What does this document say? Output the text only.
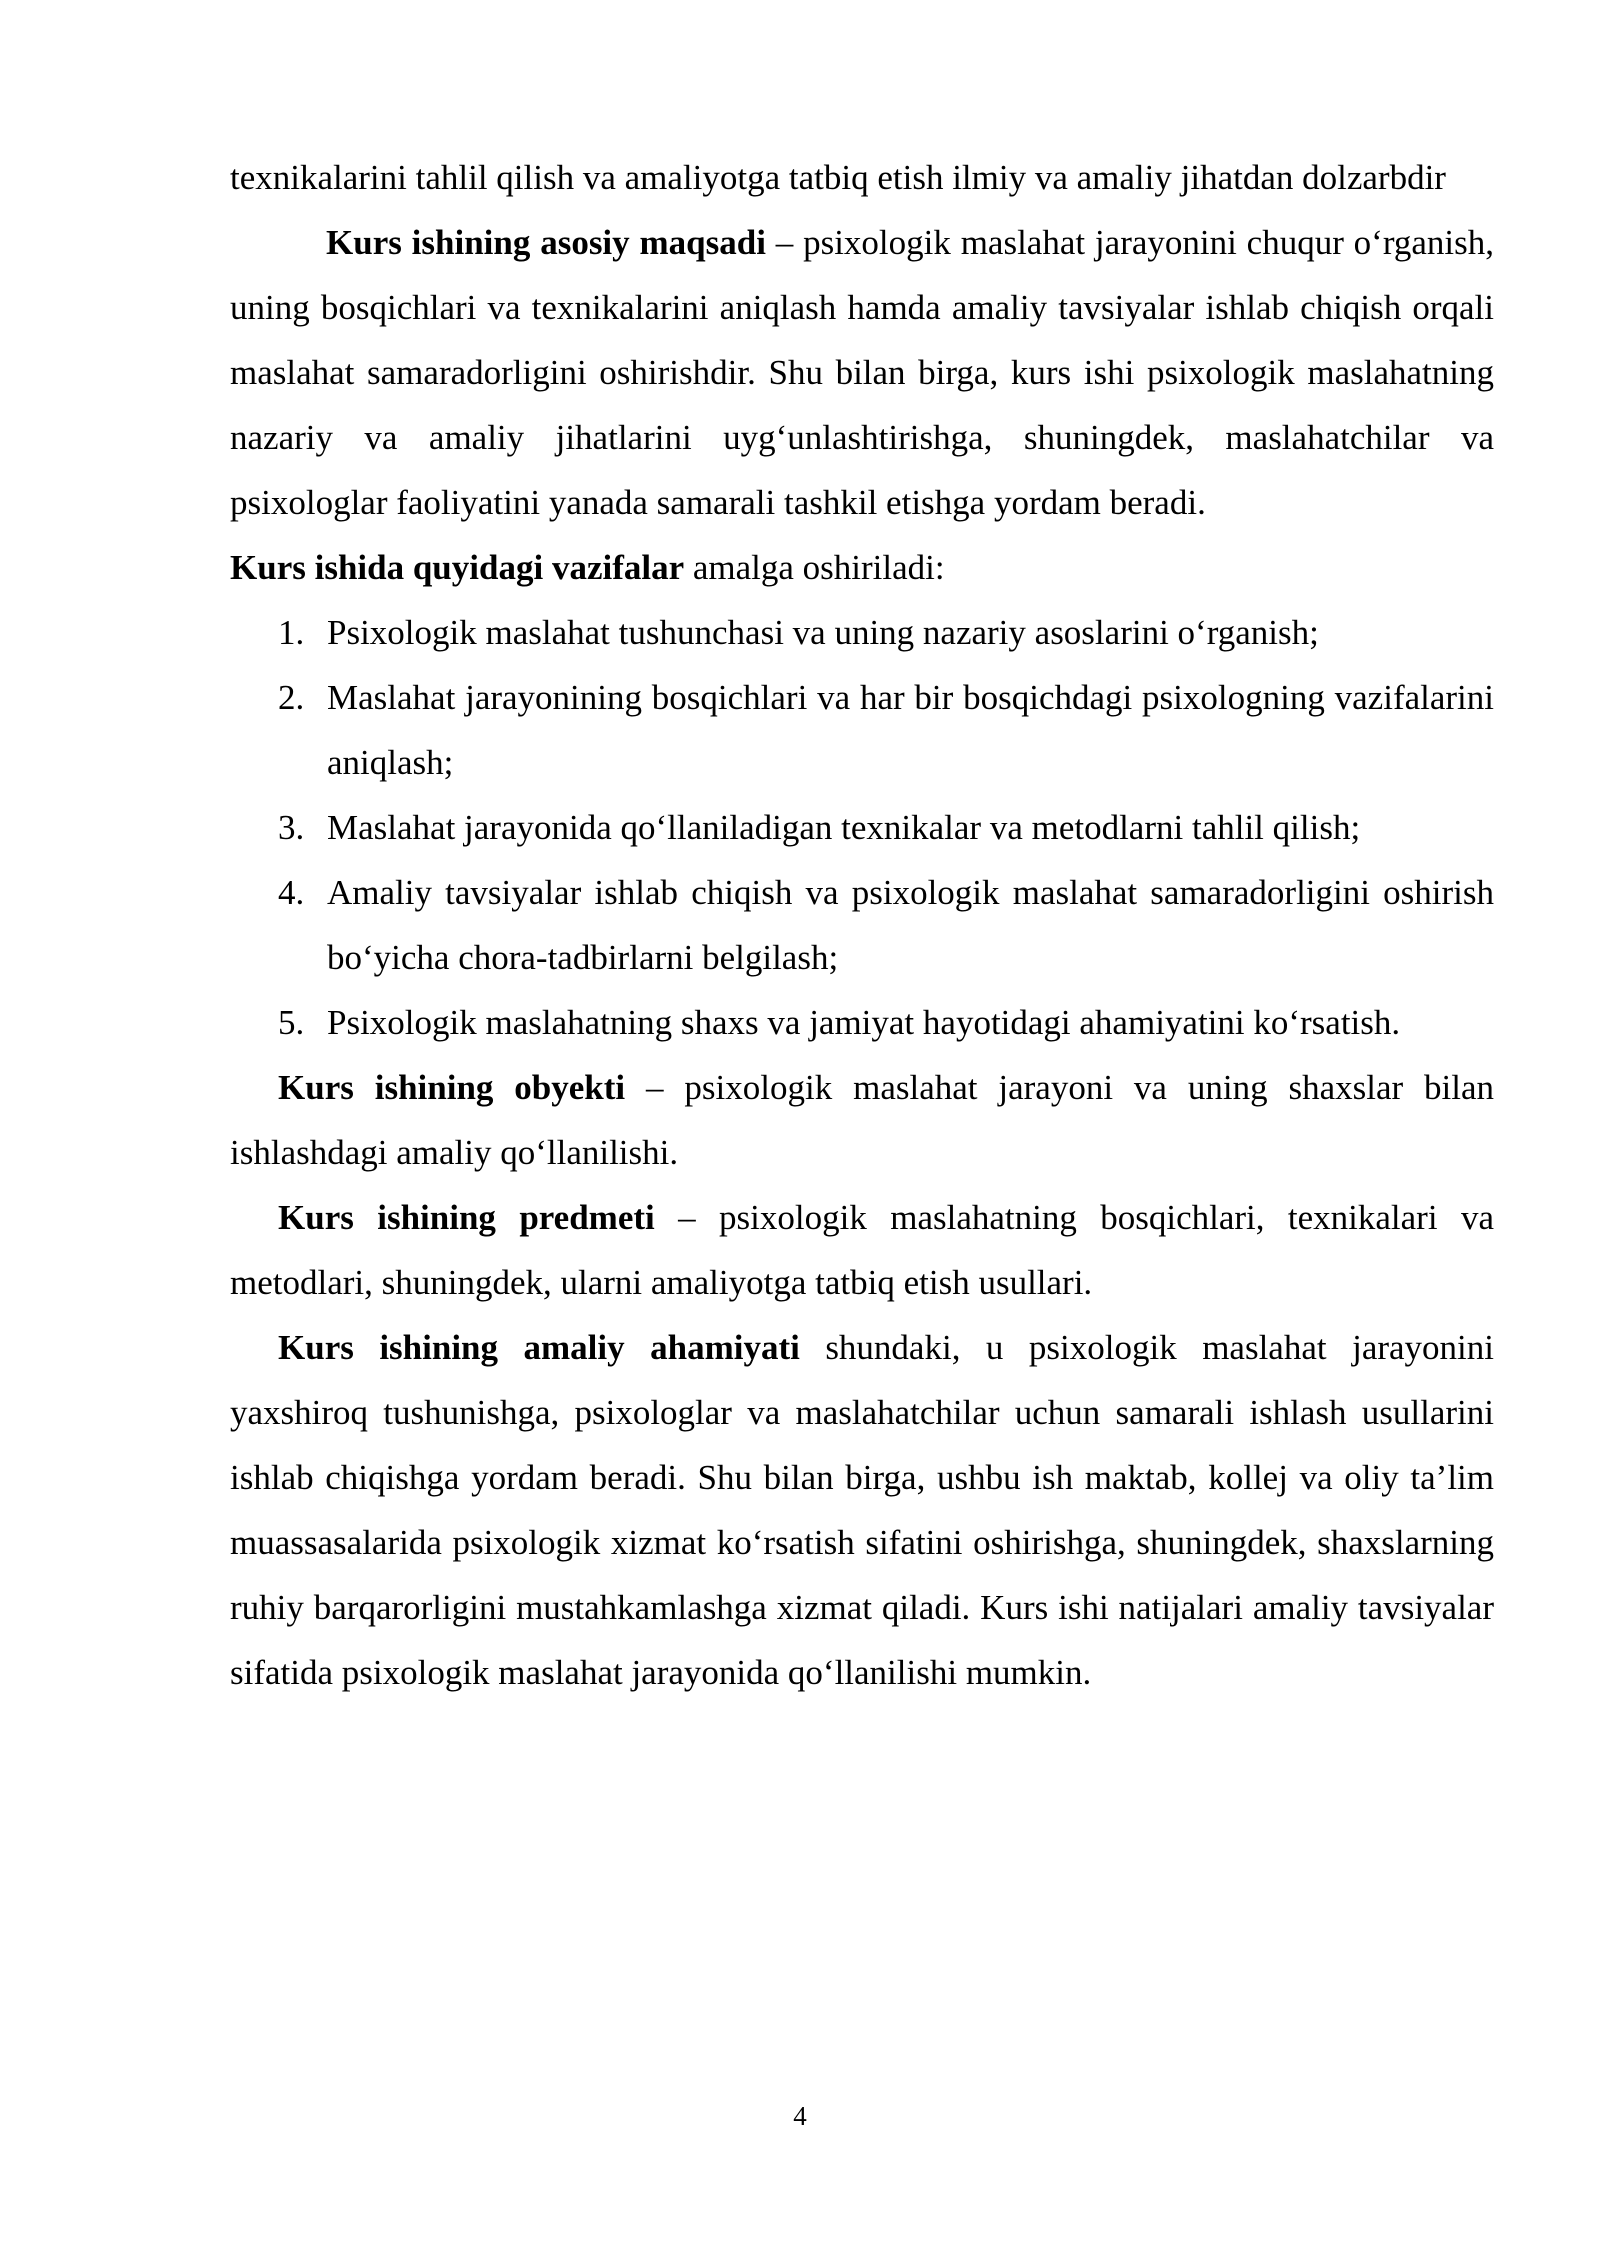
texnikalarini tahlil qilish va amaliyotga tatbiq etish ilmiy va amaliy jihatdan dolzarbdir

Kurs ishining asosiy maqsadi – psixologik maslahat jarayonini chuqur o‘rganish, uning bosqichlari va texnikalarini aniqlash hamda amaliy tavsiyalar ishlab chiqish orqali maslahat samaradorligini oshirishdir. Shu bilan birga, kurs ishi psixologik maslahatning nazariy va amaliy jihatlarini uyg‘unlashtirishga, shuningdek, maslahatchilar va psixologlar faoliyatini yanada samarali tashkil etishga yordam beradi.

Kurs ishida quyidagi vazifalar amalga oshiriladi:

1. Psixologik maslahat tushunchasi va uning nazariy asoslarini o‘rganish;
2. Maslahat jarayonining bosqichlari va har bir bosqichdagi psixologning vazifalarini aniqlash;
3. Maslahat jarayonida qo‘llaniladigan texnikalar va metodlarni tahlil qilish;
4. Amaliy tavsiyalar ishlab chiqish va psixologik maslahat samaradorligini oshirish bo‘yicha chora-tadbirlarni belgilash;
5. Psixologik maslahatning shaxs va jamiyat hayotidagi ahamiyatini ko‘rsatish.

Kurs ishining obyekti – psixologik maslahat jarayoni va uning shaxslar bilan ishlashdagi amaliy qo‘llanilishi.

Kurs ishining predmeti – psixologik maslahatning bosqichlari, texnikalari va metodlari, shuningdek, ularni amaliyotga tatbiq etish usullari.

Kurs ishining amaliy ahamiyati shundaki, u psixologik maslahat jarayonini yaxshiroq tushunishga, psixologlar va maslahatchilar uchun samarali ishlash usullarini ishlab chiqishga yordam beradi. Shu bilan birga, ushbu ish maktab, kollej va oliy ta’lim muassasalarida psixologik xizmat ko‘rsatish sifatini oshirishga, shuningdek, shaxslarning ruhiy barqarorligini mustahkamlashga xizmat qiladi. Kurs ishi natijalari amaliy tavsiyalar sifatida psixologik maslahat jarayonida qo‘llanilishi mumkin.

4
